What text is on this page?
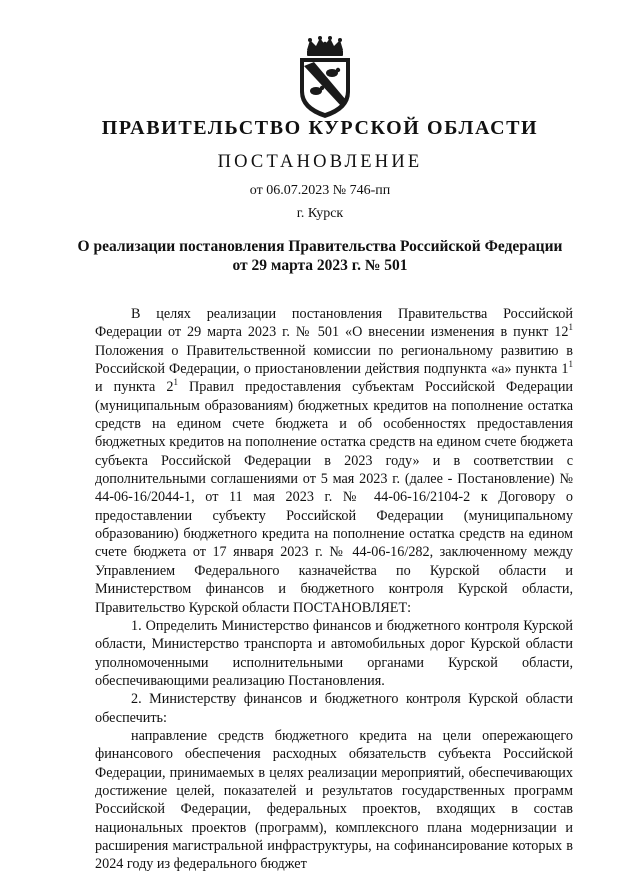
ПРАВИТЕЛЬСТВО КУРСКОЙ ОБЛАСТИ
ПОСТАНОВЛЕНИЕ
от 06.07.2023 № 746-пп
г. Курск
О реализации постановления Правительства Российской Федерации
от 29 марта 2023 г. № 501

В целях реализации постановления Правительства Российской Федерации от 29 марта 2023 г. № 501 «О внесении изменения в пункт $12^1$ Положения о Правительственной комиссии по региональному развитию в Российской Федерации, о приостановлении действия подпункта «а» пункта $1^1$ и пункта $2^1$ Правил предоставления субъектам Российской Федерации (муниципальным образованиям) бюджетных кредитов на пополнение остатка средств на едином счете бюджета и об особенностях предоставления бюджетных кредитов на пополнение остатка средств на едином счете бюджета субъекта Российской Федерации в 2023 году» и в соответствии с дополнительными соглашениями от 5 мая 2023 г. (далее - Постановление) № 44-06-16/2044-1, от 11 мая 2023 г. № 44-06-16/2104-2 к Договору о предоставлении субъекту Российской Федерации (муниципальному образованию) бюджетного кредита на пополнение остатка средств на едином счете бюджета от 17 января 2023 г. № 44-06-16/282, заключенному между Управлением Федерального казначейства по Курской области и Министерством финансов и бюджетного контроля Курской области, Правительство Курской области ПОСТАНОВЛЯЕТ:

1. Определить Министерство финансов и бюджетного контроля Курской области, Министерство транспорта и автомобильных дорог Курской области уполномоченными исполнительными органами Курской области, обеспечивающими реализацию Постановления.

2. Министерству финансов и бюджетного контроля Курской области обеспечить:

направление средств бюджетного кредита на цели опережающего финансового обеспечения расходных обязательств субъекта Российской Федерации, принимаемых в целях реализации мероприятий, обеспечивающих достижение целей, показателей и результатов государственных программ Российской Федерации, федеральных проектов, входящих в состав национальных проектов (программ), комплексного плана модернизации и расширения магистральной инфраструктуры, на софинансирование которых в 2024 году из федерального бюджет
